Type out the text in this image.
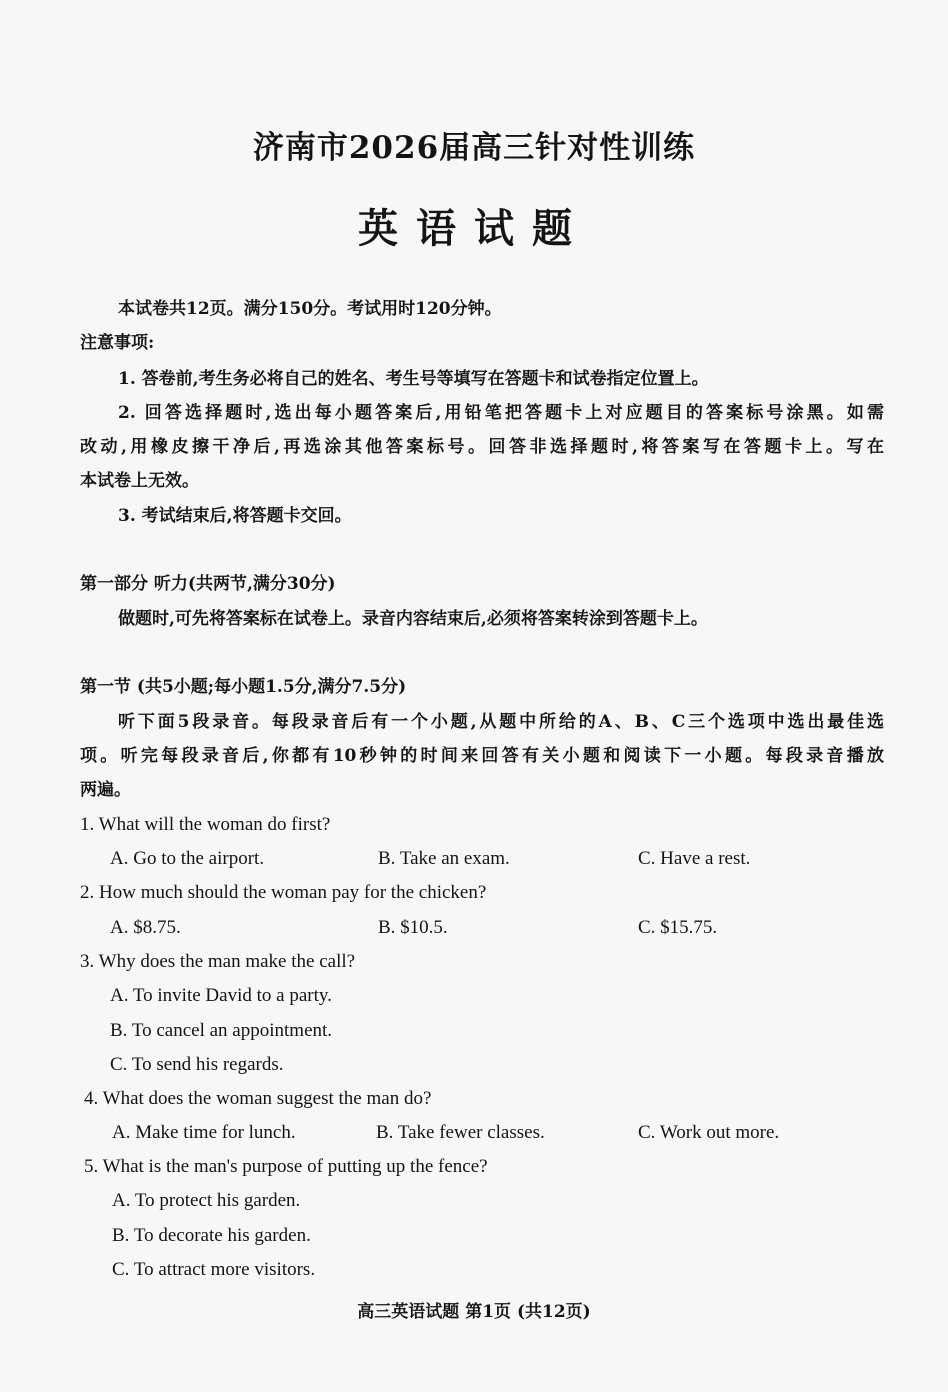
济南市2026届高三针对性训练
英语试题
本试卷共12页。满分150分。考试用时120分钟。
注意事项:
1. 答卷前,考生务必将自己的姓名、考生号等填写在答题卡和试卷指定位置上。
2. 回答选择题时,选出每小题答案后,用铅笔把答题卡上对应题目的答案标号涂黑。如需
改动,用橡皮擦干净后,再选涂其他答案标号。回答非选择题时,将答案写在答题卡上。写在
本试卷上无效。
3. 考试结束后,将答题卡交回。
第一部分 听力(共两节,满分30分)
做题时,可先将答案标在试卷上。录音内容结束后,必须将答案转涂到答题卡上。
第一节 (共5小题;每小题1.5分,满分7.5分)
听下面5段录音。每段录音后有一个小题,从题中所给的A、B、C三个选项中选出最佳选
项。听完每段录音后,你都有10秒钟的时间来回答有关小题和阅读下一小题。每段录音播放
两遍。
1. What will the woman do first?
A. Go to the airport.	B. Take an exam.	C. Have a rest.
2. How much should the woman pay for the chicken?
A. $8.75.	B. $10.5.	C. $15.75.
3. Why does the man make the call?
A. To invite David to a party.
B. To cancel an appointment.
C. To send his regards.
4. What does the woman suggest the man do?
A. Make time for lunch.	B. Take fewer classes.	C. Work out more.
5. What is the man's purpose of putting up the fence?
A. To protect his garden.
B. To decorate his garden.
C. To attract more visitors.
高三英语试题 第1页 (共12页)
